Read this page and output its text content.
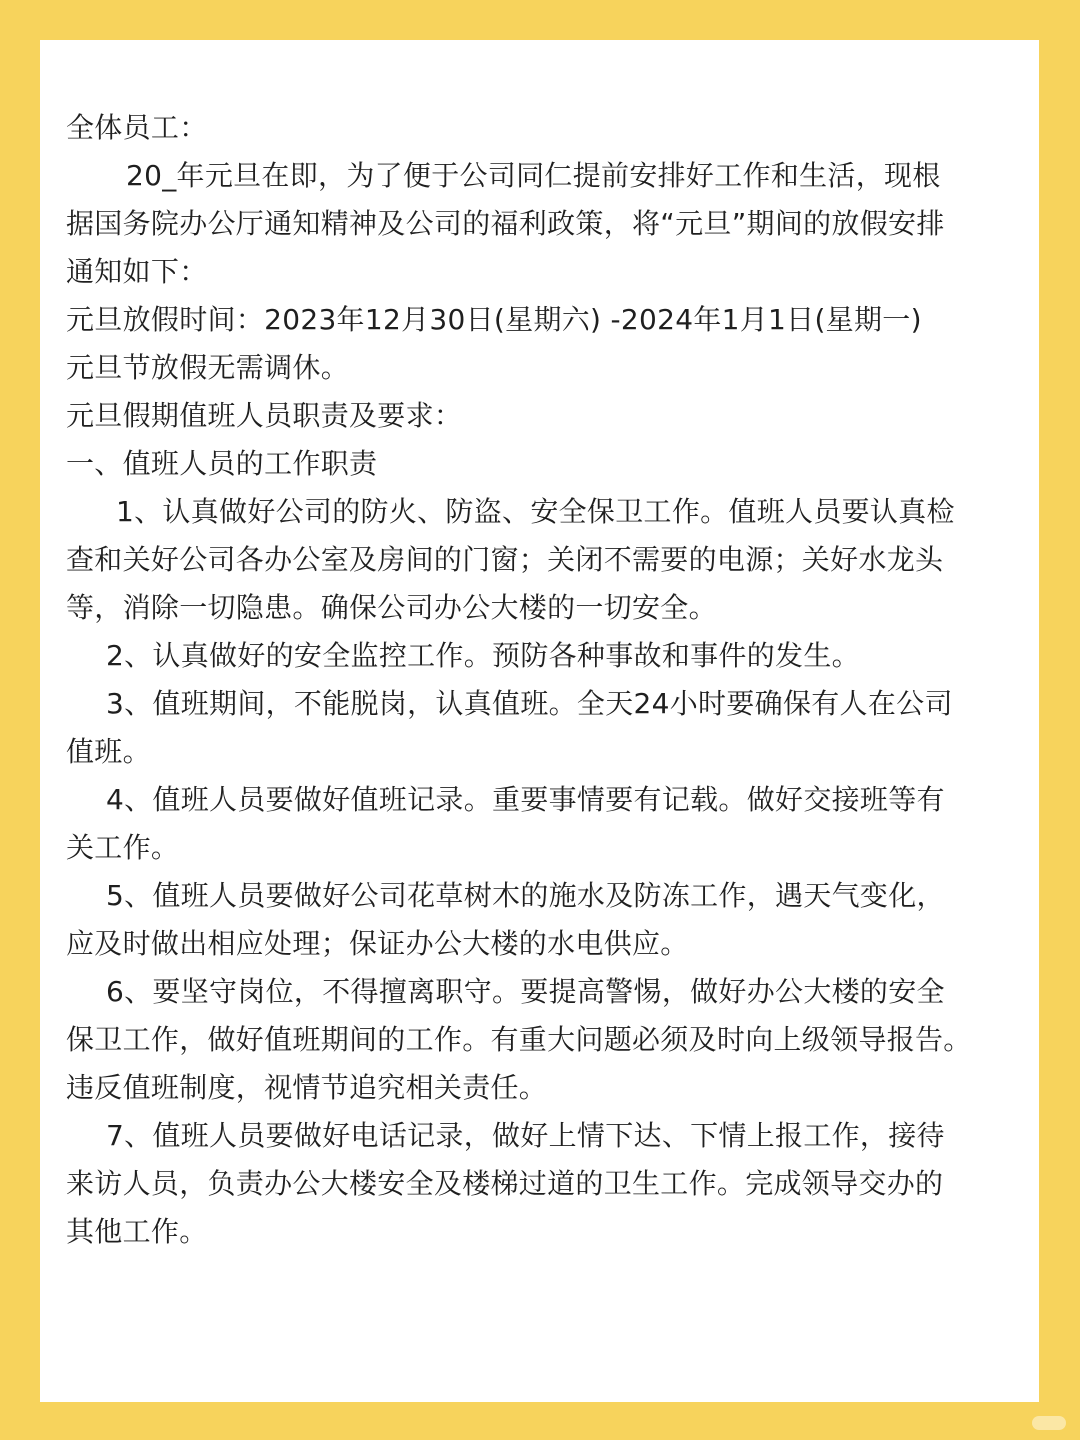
全体员工：
20_年元旦在即，为了便于公司同仁提前安排好工作和生活，现根
据国务院办公厅通知精神及公司的福利政策，将“元旦”期间的放假安排
通知如下：
元旦放假时间：2023年12月30日(星期六) -2024年1月1日(星期一)
元旦节放假无需调休。
元旦假期值班人员职责及要求：
一、值班人员的工作职责
1、认真做好公司的防火、防盗、安全保卫工作。值班人员要认真检
查和关好公司各办公室及房间的门窗；关闭不需要的电源；关好水龙头
等，消除一切隐患。确保公司办公大楼的一切安全。
2、认真做好的安全监控工作。预防各种事故和事件的发生。
3、值班期间，不能脱岗，认真值班。全天24小时要确保有人在公司
值班。
4、值班人员要做好值班记录。重要事情要有记载。做好交接班等有
关工作。
5、值班人员要做好公司花草树木的施水及防冻工作，遇天气变化，
应及时做出相应处理；保证办公大楼的水电供应。
6、要坚守岗位，不得擅离职守。要提高警惕，做好办公大楼的安全
保卫工作，做好值班期间的工作。有重大问题必须及时向上级领导报告。
违反值班制度，视情节追究相关责任。
7、值班人员要做好电话记录，做好上情下达、下情上报工作，接待
来访人员，负责办公大楼安全及楼梯过道的卫生工作。完成领导交办的
其他工作。
